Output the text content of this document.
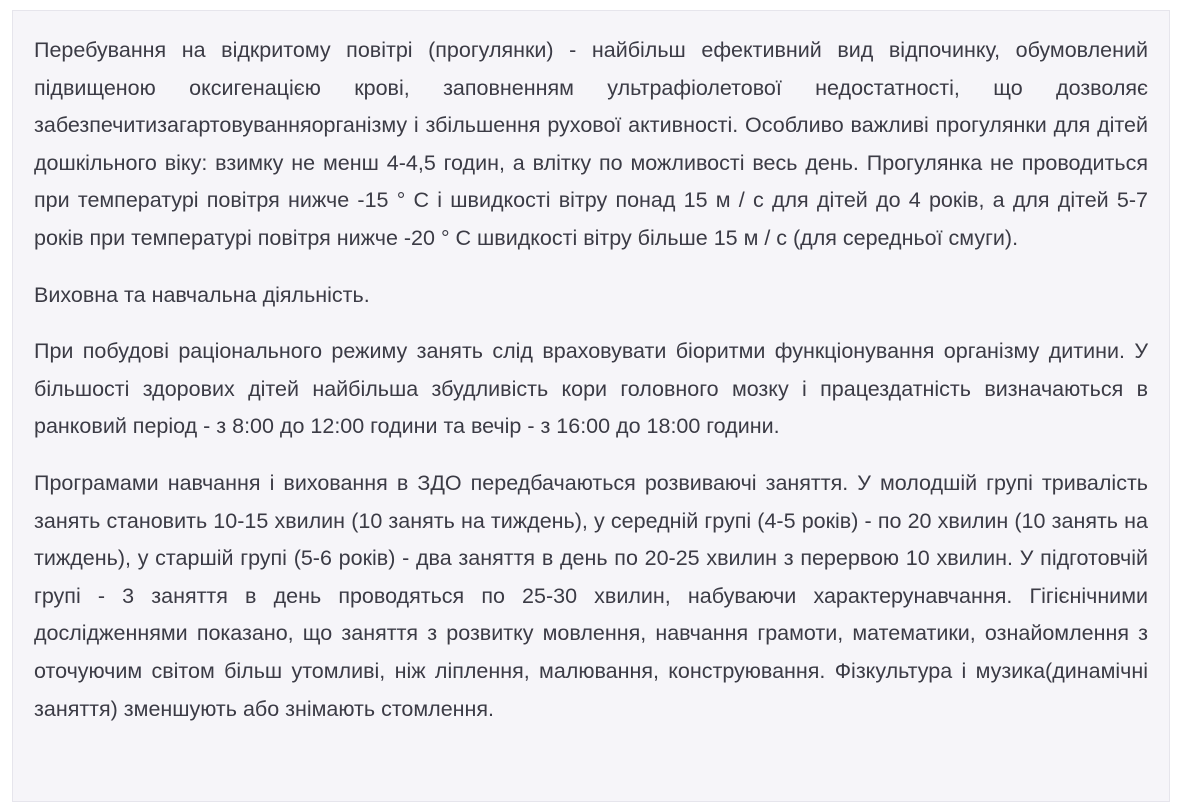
Перебування на відкритому повітрі (прогулянки) - найбільш ефективний вид відпочинку, обумовлений підвищеною оксигенацією крові, заповненням ультрафіолетової недостатності, що дозволяє забезпечитизагартовуванняорганізму і збільшення рухової активності. Особливо важливі прогулянки для дітей дошкільного віку: взимку не менш 4-4,5 годин, а влітку по можливості весь день. Прогулянка не проводиться при температурі повітря нижче -15 ° С і швидкості вітру понад 15 м / с для дітей до 4 років, а для дітей 5-7 років при температурі повітря нижче -20 ° С швидкості вітру більше 15 м / с (для середньої смуги).

Виховна та навчальна діяльність.

При побудові раціонального режиму занять слід враховувати біоритми функціонування організму дитини. У більшості здорових дітей найбільша збудливість кори головного мозку і працездатність визначаються в ранковий період - з 8:00 до 12:00 години та вечір - з 16:00 до 18:00 години.

Програмами навчання і виховання в ЗДО передбачаються розвиваючі заняття. У молодшій групі тривалість занять становить 10-15 хвилин (10 занять на тиждень), у середній групі (4-5 років) - по 20 хвилин (10 занять на тиждень), у старшій групі (5-6 років) - два заняття в день по 20-25 хвилин з перервою 10 хвилин. У підготовчій групі - 3 заняття в день проводяться по 25-30 хвилин, набуваючи характерунавчання. Гігієнічними дослідженнями показано, що заняття з розвитку мовлення, навчання грамоти, математики, ознайомлення з оточуючим світом більш утомливі, ніж ліплення, малювання, конструювання. Фізкультура і музика(динамічні заняття) зменшують або знімають стомлення.
